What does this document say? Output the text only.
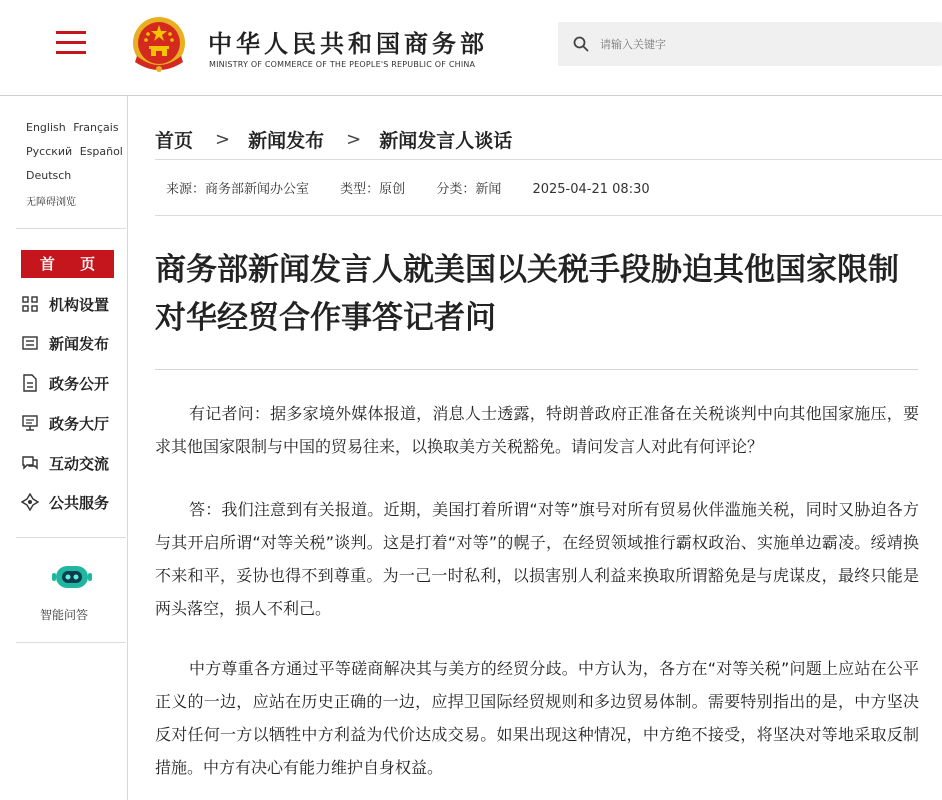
中华人民共和国商务部
MINISTRY OF COMMERCE OF THE PEOPLE'S REPUBLIC OF CHINA
请输入关键字
English Français
Русский Español
Deutsch
无障碍浏览
首 页
机构设置
新闻发布
政务公开
政务大厅
互动交流
公共服务
智能问答
首页 > 新闻发布 > 新闻发言人谈话
来源：商务部新闻办公室 类型：原创 分类：新闻 2025-04-21 08:30
商务部新闻发言人就美国以关税手段胁迫其他国家限制对华经贸合作事答记者问

有记者问：据多家境外媒体报道，消息人士透露，特朗普政府正准备在关税谈判中向其他国家施压，要求其他国家限制与中国的贸易往来，以换取美方关税豁免。请问发言人对此有何评论？

答：我们注意到有关报道。近期，美国打着所谓“对等”旗号对所有贸易伙伴滥施关税，同时又胁迫各方与其开启所谓“对等关税”谈判。这是打着“对等”的幌子，在经贸领域推行霸权政治、实施单边霸凌。绥靖换不来和平，妥协也得不到尊重。为一己一时私利，以损害别人利益来换取所谓豁免是与虎谋皮，最终只能是两头落空，损人不利己。

中方尊重各方通过平等磋商解决其与美方的经贸分歧。中方认为，各方在“对等关税”问题上应站在公平正义的一边，应站在历史正确的一边，应捍卫国际经贸规则和多边贸易体制。需要特别指出的是，中方坚决反对任何一方以牺牲中方利益为代价达成交易。如果出现这种情况，中方绝不接受，将坚决对等地采取反制措施。中方有决心有能力维护自身权益。
